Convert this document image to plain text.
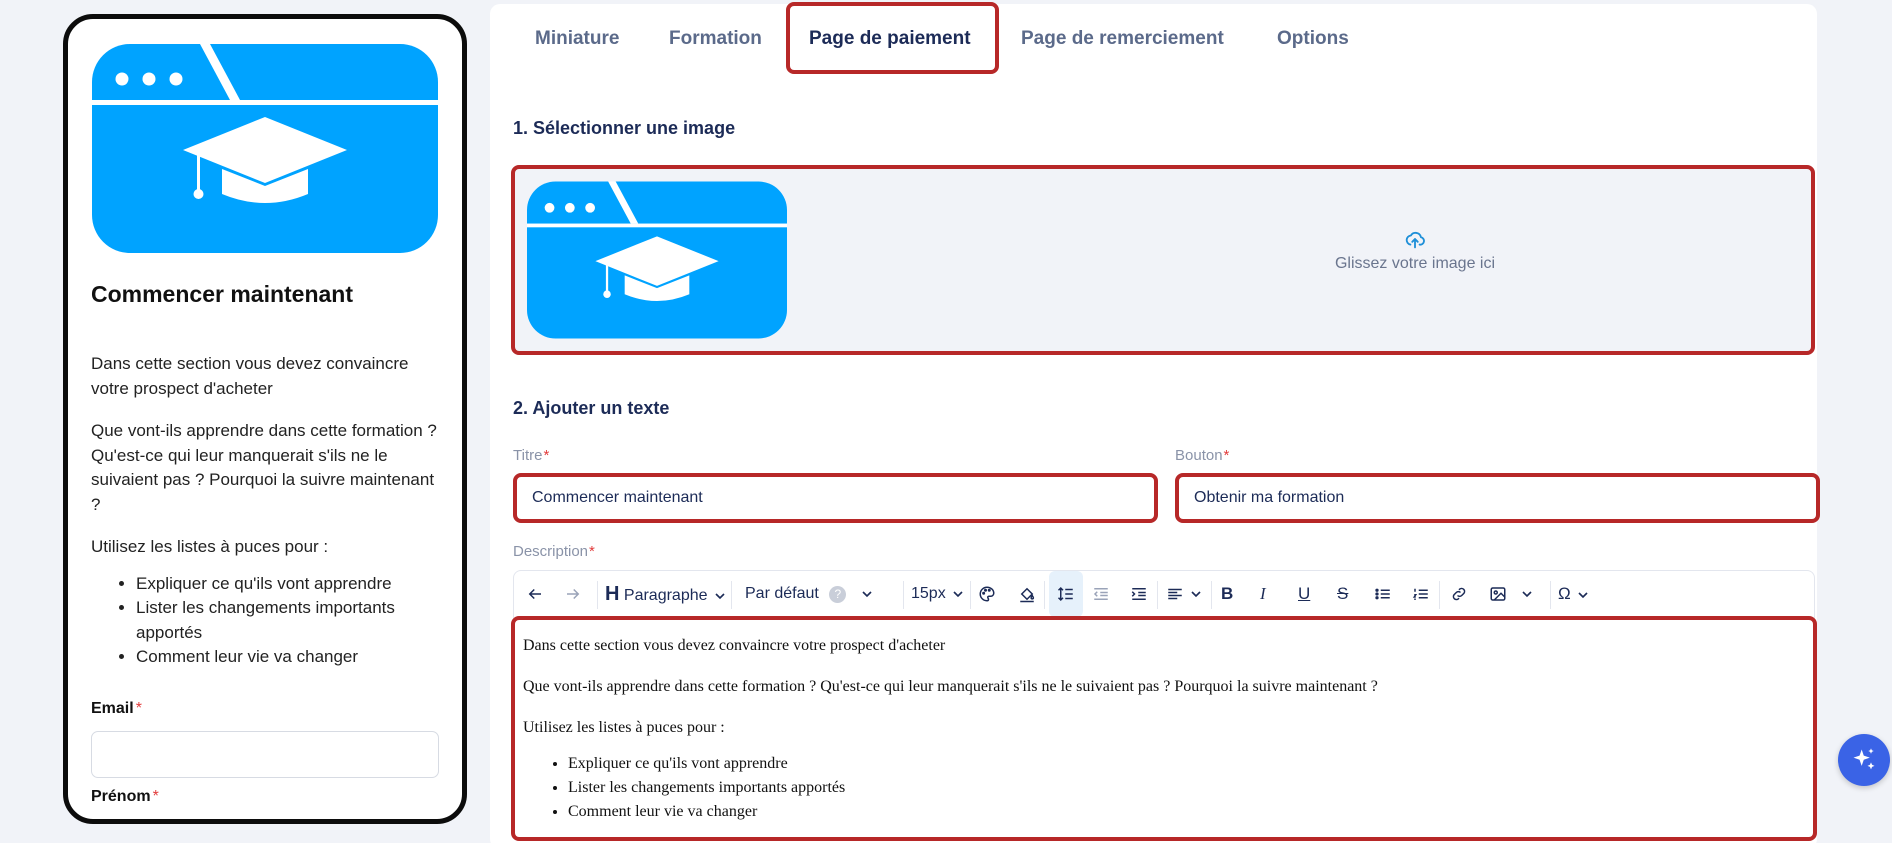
Commencer maintenant

Dans cette section vous devez convaincre votre prospect d'acheter

Que vont-ils apprendre dans cette formation ? Qu'est-ce qui leur manquerait s'ils ne le suivaient pas ? Pourquoi la suivre maintenant ?

Utilisez les listes à puces pour :

• Expliquer ce qu'ils vont apprendre
• Lister les changements importants apportés
• Comment leur vie va changer
Email *
Prénom *
Miniature	Formation Page de paiement	Page de remerciement	Options
1. Sélectionner une image
Glissez votre image ici
2. Ajouter un texte
Titre*
Commencer maintenant
Bouton*
Obtenir ma formation
Description*
H Paragraphe	Par défaut ?	15px
	B I U S
	Ω

Dans cette section vous devez convaincre votre prospect d'acheter

Que vont-ils apprendre dans cette formation ? Qu'est-ce qui leur manquerait s'ils ne le suivaient pas ? Pourquoi la suivre maintenant ?

Utilisez les listes à puces pour :

• Expliquer ce qu'ils vont apprendre
• Lister les changements importants apportés
• Comment leur vie va changer
